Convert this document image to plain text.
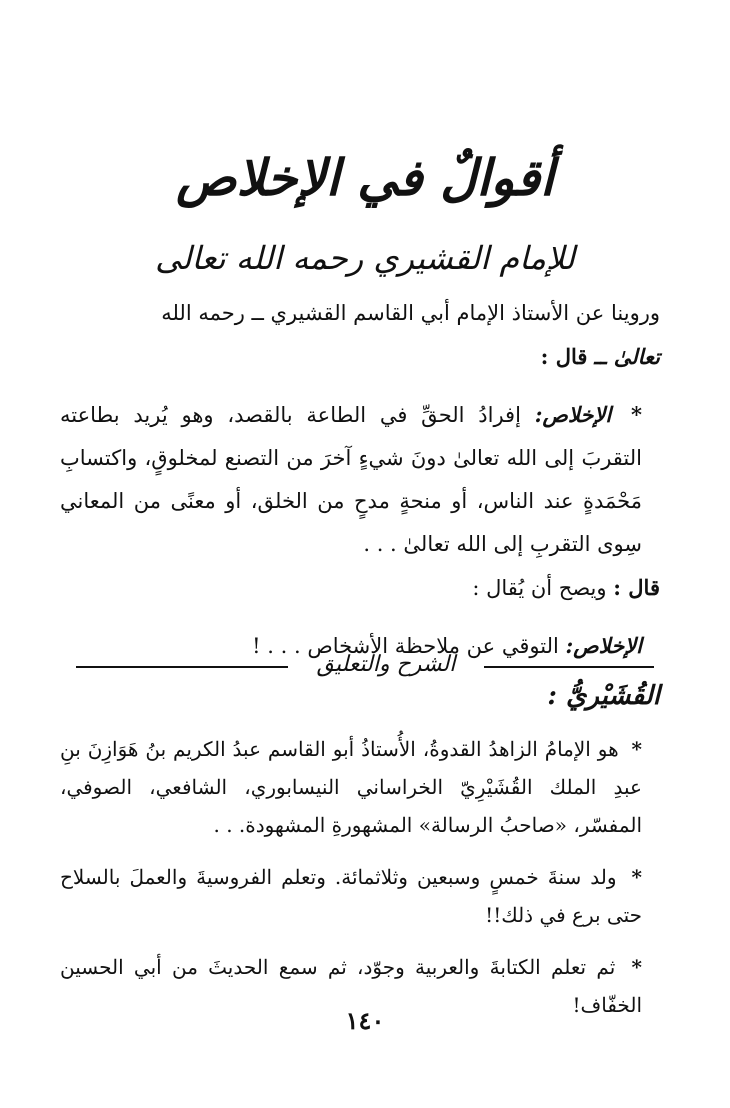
أقوالٌ في الإخلاص
للإمام القشيري رحمه الله تعالى

وروينا عن الأستاذ الإمام أبي القاسم القشيري ــ رحمه الله
تعالىٰ ــ قال :

* الإخلاص: إفرادُ الحقِّ في الطاعة بالقصد، وهو يُريد بطاعته التقربَ إلى الله تعالىٰ دونَ شيءٍ آخرَ من التصنع لمخلوقٍ، واكتسابِ مَحْمَدةٍ عند الناس، أو منحةٍ مدحٍ من الخلق، أو معنًى من المعاني سِوى التقربِ إلى الله تعالىٰ . . .

قال : ويصح أن يُقال :

الإخلاص: التوقي عن ملاحظة الأشخاص . . . !

الشرح والتعليق

القُشَيْريُّ :

* هو الإمامُ الزاهدُ القدوةُ، الأُستاذُ أبو القاسم عبدُ الكريم بنُ هَوَازِنَ بنِ عبدِ الملك القُشَيْرِيّ الخراساني النيسابوري، الشافعي، الصوفي، المفسّر، «صاحبُ الرسالة» المشهورةِ المشهودة. . .

* ولد سنةَ خمسٍ وسبعين وثلاثمائة. وتعلم الفروسيةَ والعملَ بالسلاح حتى برع في ذلك!!

* ثم تعلم الكتابةَ والعربية وجوّد، ثم سمع الحديثَ من أبي الحسين الخفّاف!

١٤٠
